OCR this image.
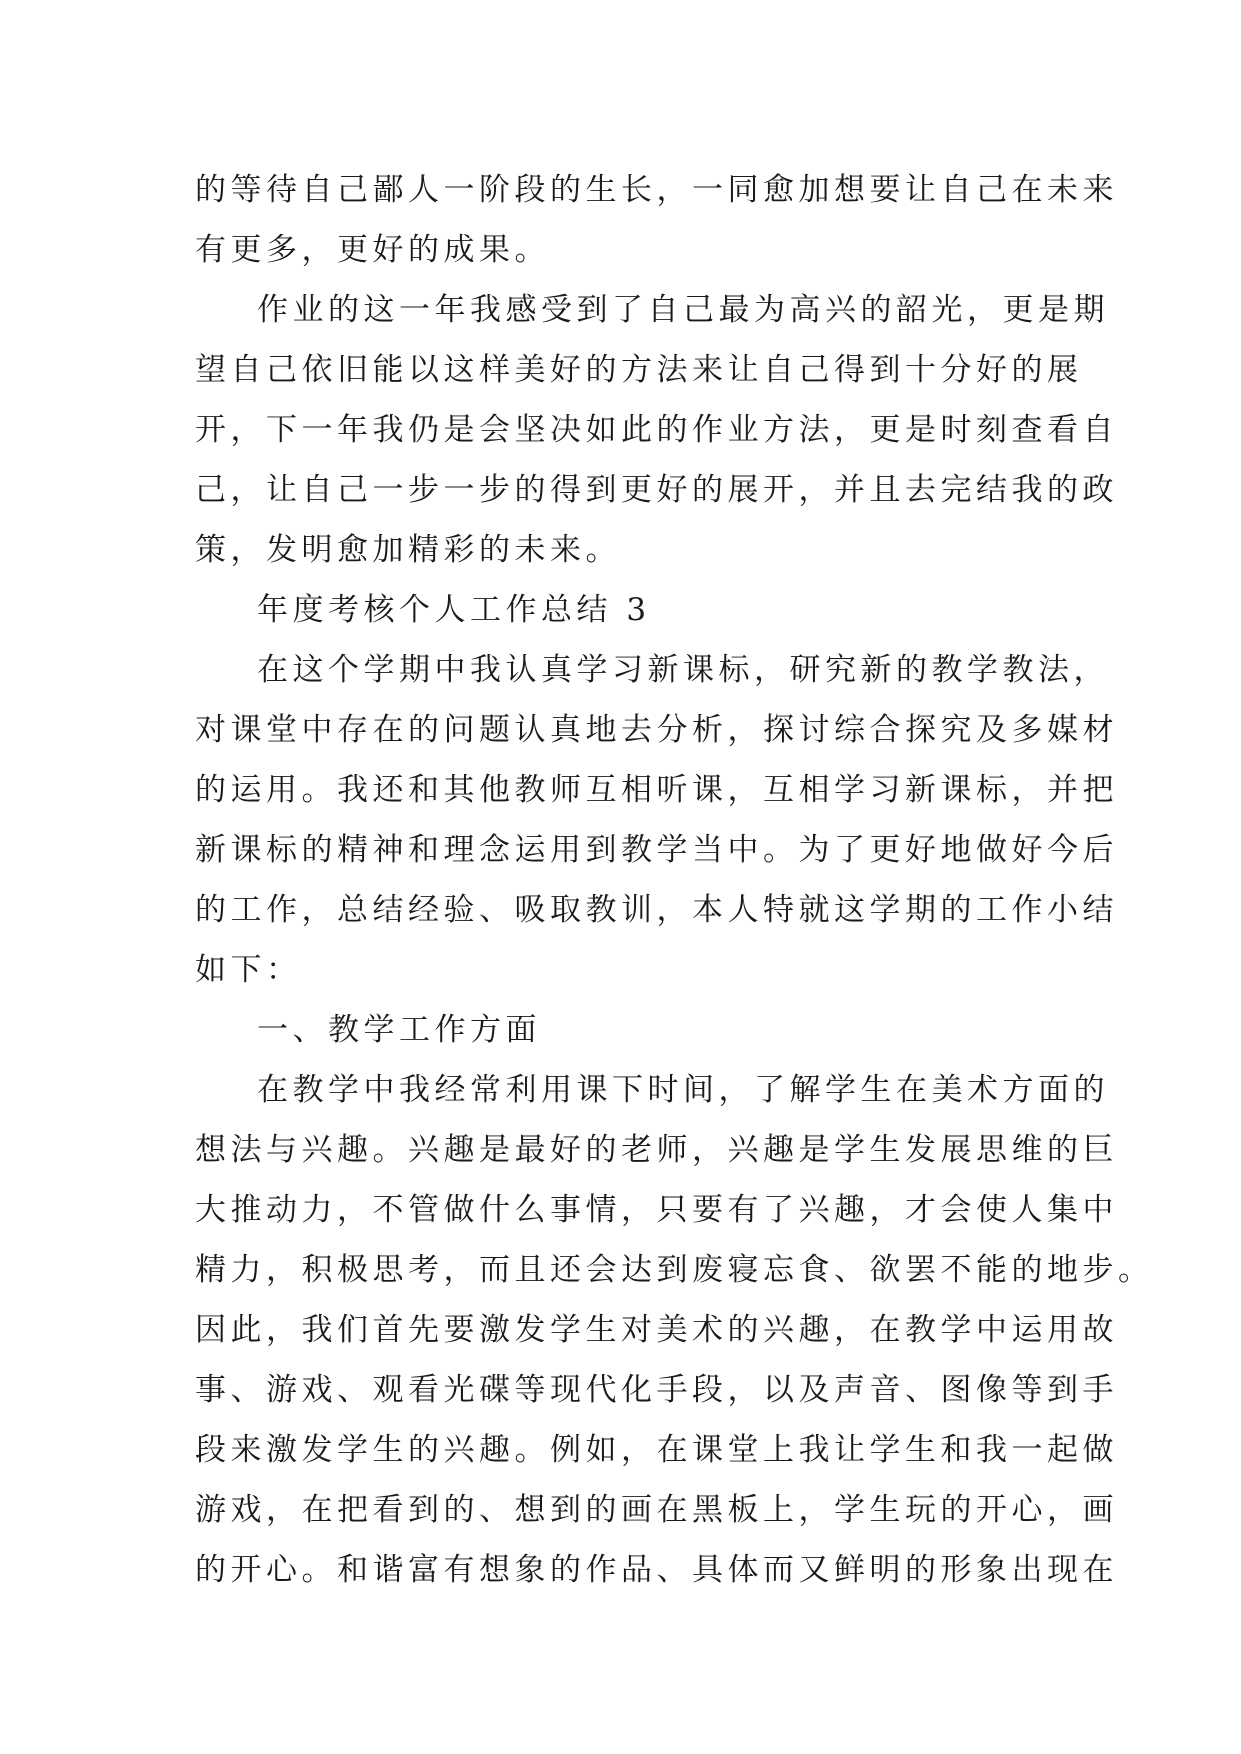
的等待自己鄙人一阶段的生长，一同愈加想要让自己在未来
有更多，更好的成果。
作业的这一年我感受到了自己最为高兴的韶光，更是期
望自己依旧能以这样美好的方法来让自己得到十分好的展
开，下一年我仍是会坚决如此的作业方法，更是时刻查看自
己，让自己一步一步的得到更好的展开，并且去完结我的政
策，发明愈加精彩的未来。
年度考核个人工作总结 3
在这个学期中我认真学习新课标，研究新的教学教法，
对课堂中存在的问题认真地去分析，探讨综合探究及多媒材
的运用。我还和其他教师互相听课，互相学习新课标，并把
新课标的精神和理念运用到教学当中。为了更好地做好今后
的工作，总结经验、吸取教训，本人特就这学期的工作小结
如下：
一、教学工作方面
在教学中我经常利用课下时间，了解学生在美术方面的
想法与兴趣。兴趣是最好的老师，兴趣是学生发展思维的巨
大推动力，不管做什么事情，只要有了兴趣，才会使人集中
精力，积极思考，而且还会达到废寝忘食、欲罢不能的地步。
因此，我们首先要激发学生对美术的兴趣，在教学中运用故
事、游戏、观看光碟等现代化手段，以及声音、图像等到手
段来激发学生的兴趣。例如，在课堂上我让学生和我一起做
游戏，在把看到的、想到的画在黑板上，学生玩的开心，画
的开心。和谐富有想象的作品、具体而又鲜明的形象出现在
